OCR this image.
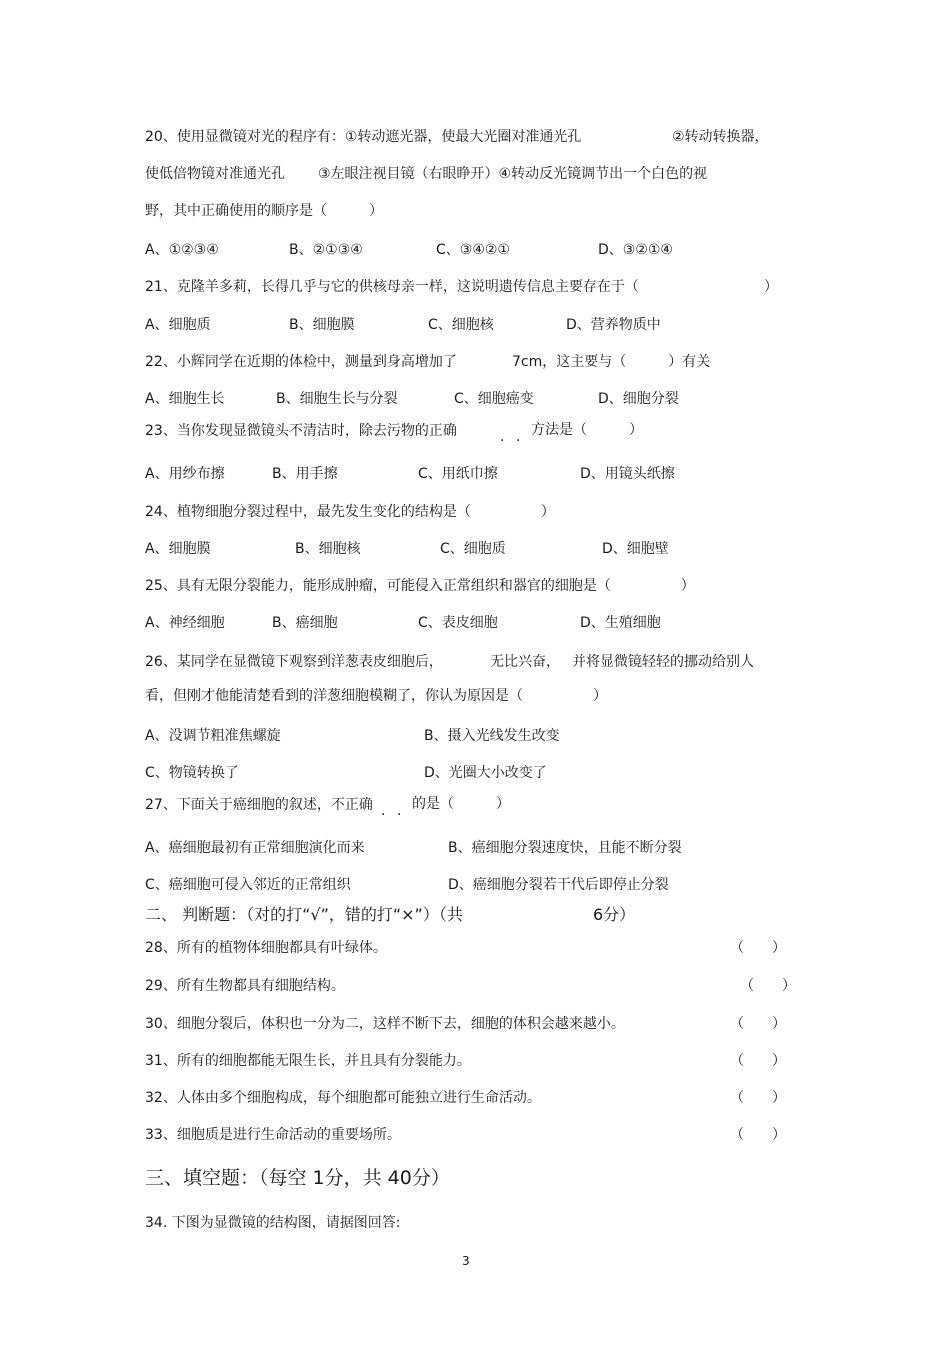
20、使用显微镜对光的程序有：①转动遮光器，使最大光圈对准通光孔	②转动转换器，
使低倍物镜对准通光孔 ③左眼注视目镜（右眼睁开）④转动反光镜调节出一个白色的视
野，其中正确使用的顺序是（　　　）
A、①②③④	B、②①③④	C、③④②①	D、③②①④
21、克隆羊多莉，长得几乎与它的供核母亲一样，这说明遗传信息主要存在于（	）
A、细胞质	B、细胞膜	C、细胞核	D、营养物质中
22、小辉同学在近期的体检中，测量到身高增加了	7cm，这主要与（　　　）有关
A、细胞生长	B、细胞生长与分裂	C、细胞癌变	D、细胞分裂
23、当你发现显微镜头不清洁时，除去污物的正确	. . 方法是（　　　）
A、用纱布擦	B、用手擦	C、用纸巾擦	D、用镜头纸擦
24、植物细胞分裂过程中，最先发生变化的结构是（　　　　　）
A、细胞膜	B、细胞核	C、细胞质	D、细胞壁
25、具有无限分裂能力，能形成肿瘤，可能侵入正常组织和器官的细胞是（　　　　　）
A、神经细胞	B、癌细胞	C、表皮细胞	D、生殖细胞
26、某同学在显微镜下观察到洋葱表皮细胞后，	无比兴奋， 并将显微镜轻轻的挪动给别人
看，但刚才他能清楚看到的洋葱细胞模糊了，你认为原因是（　　　　　）
A、没调节粗准焦螺旋	B、摄入光线发生改变
C、物镜转换了	D、光圈大小改变了
27、下面关于癌细胞的叙述，不正确 . . 的是（　　　）
A、癌细胞最初有正常细胞演化而来	B、癌细胞分裂速度快，且能不断分裂
C、癌细胞可侵入邻近的正常组织	D、癌细胞分裂若干代后即停止分裂
二、 判断题：（对的打“√”，错的打“×”）（共	6分）
28、所有的植物体细胞都具有叶绿体。	（　　）
29、所有生物都具有细胞结构。	（　　）
30、细胞分裂后，体积也一分为二，这样不断下去，细胞的体积会越来越小。	（　　）
31、所有的细胞都能无限生长，并且具有分裂能力。	（　　）
32、人体由多个细胞构成，每个细胞都可能独立进行生命活动。	（　　）
33、细胞质是进行生命活动的重要场所。	（　　）
三、填空题：（每空 1分，共 40分）
34. 下图为显微镜的结构图，请据图回答:
3
